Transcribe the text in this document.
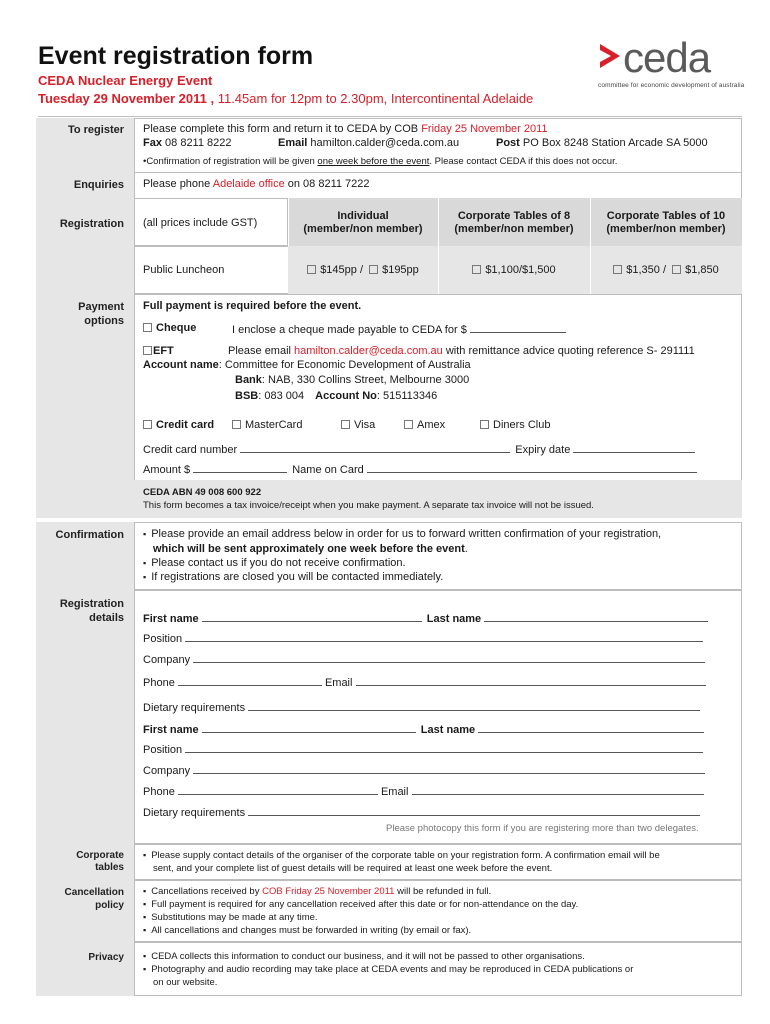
Event registration form
CEDA Nuclear Energy Event
Tuesday 29 November 2011 , 11.45am for 12pm to 2.30pm, Intercontinental Adelaide
ceda
committee for economic development of australia
To register Please complete this form and return it to CEDA by COB Friday 25 November 2011
Fax 08 8211 8222	Email hamilton.calder@ceda.com.au	Post PO Box 8248 Station Arcade SA 5000
•Confirmation of registration will be given one week before the event. Please contact CEDA if this does not occur.
Enquiries Please phone Adelaide office on 08 8211 7222
Registration (all prices include GST)
Individual
(member/non member)
Corporate Tables of 8
(member/non member)
Corporate Tables of 10
(member/non member)
Public Luncheon	$145pp / $195pp	$1,100/$1,500	$1,350 / $1,850
Payment
options
Full payment is required before the event.
Cheque	I enclose a cheque made payable to CEDA for $
EFT	Please email hamilton.calder@ceda.com.au with remittance advice quoting reference S- 291111
Account name: Committee for Economic Development of Australia
Bank: NAB, 330 Collins Street, Melbourne 3000
BSB: 083 004 Account No: 515113346
Credit card	MasterCard	Visa	Amex	Diners Club
Credit card number	Expiry date
Amount $	Name on Card
CEDA ABN 49 008 600 922
This form becomes a tax invoice/receipt when you make payment. A separate tax invoice will not be issued.
Confirmation ▪ Please provide an email address below in order for us to forward written confirmation of your registration,
which will be sent approximately one week before the event.
▪ Please contact us if you do not receive confirmation.
▪ If registrations are closed you will be contacted immediately.
Registration
details First name	Last name
Position
Company
Phone	Email
Dietary requirements
First name	Last name
Position
Company
Phone	Email
Dietary requirements
Please photocopy this form if you are registering more than two delegates.
Corporate
tables
▪ Please supply contact details of the organiser of the corporate table on your registration form. A confirmation email will be
sent, and your complete list of guest details will be required at least one week before the event.
Cancellation
policy
▪ Cancellations received by COB Friday 25 November 2011 will be refunded in full.
▪ Full payment is required for any cancellation received after this date or for non-attendance on the day.
▪ Substitutions may be made at any time.
▪ All cancellations and changes must be forwarded in writing (by email or fax).
Privacy ▪ CEDA collects this information to conduct our business, and it will not be passed to other organisations.
▪ Photography and audio recording may take place at CEDA events and may be reproduced in CEDA publications or
on our website.
